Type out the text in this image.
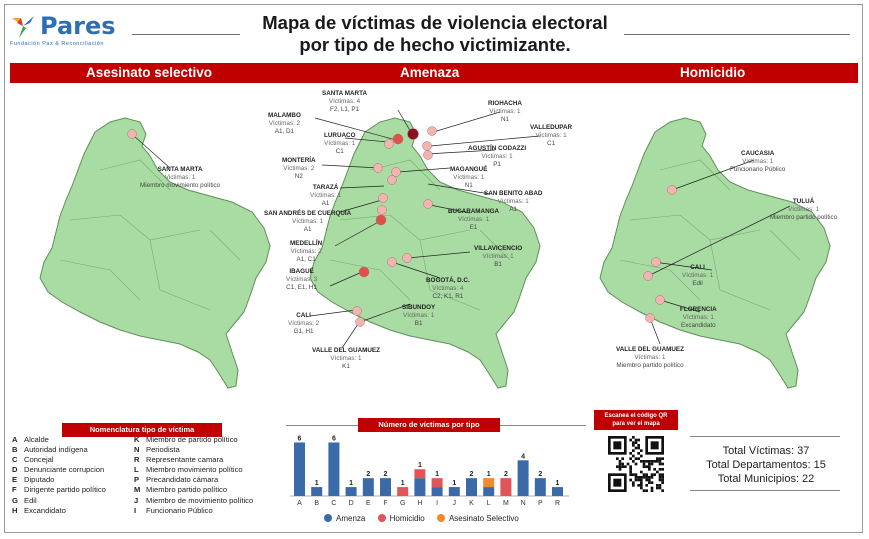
Pares
Fundación Paz & Reconciliación
Mapa de víctimas de violencia electoral
por tipo de hecho victimizante.
Asesinato selectivo	Amenaza	Homicidio
SANTA MARTA
Victimas: 1
Miembro movimiento político
SANTA MARTA
Víctimas: 4
F2, L1, P1
RIOHACHA
Víctimas: 1
N1
MALAMBO
Víctimas: 2
A1, D1
VALLEDUPAR
Víctimas: 1
C1
LURUACO
Víctimas: 1
C1	AGUSTÍN CODAZZI
Víctimas: 1
P1
MONTERÍA
Víctimas: 2
N2
MAGANGUÉ
Víctimas: 1
N1
TARAZÁ
Víctimas: 1
A1
SAN BENITO ABAD
Víctimas: 1
A1
SAN ANDRÉS DE CUERQUÍA
Víctimas: 1
A1
BUCARAMANGA
Víctimas: 1
E1
MEDELLÍN
Víctimas: 2
A1, C1
VILLAVICENCIO
Víctimas: 1
B1
IBAGUÉ
Víctimas: 3
C1, E1, H1
BOGOTÁ, D.C.
Víctimas: 4
C2, K1, R1
CALI
Víctimas: 2
G1, H1
SIBUNDOY
Víctimas: 1
B1
VALLE DEL GUAMUEZ
Víctimas: 1
K1
CAUCASIA
Víctimas: 1
Funcionario Público
TULUÁ
Víctimas: 1
Miembro partido político
CALI
Víctimas: 1
Edil
FLORENCIA
Víctimas: 1
Excandidato
VALLE DEL GUAMUEZ
Víctimas: 1
Miembro partido político
Nomenclatura tipo de víctima
A Alcalde
B Autoridad indígena
C Concejal
D Denunciante corrupcion
E Diputado
F Dirigente partido político
G Edil
H Excandidato
K Miembro de partido político
N Periodista
R Representante camara
L Miembro movimiento político
P Precandidato cámara
M Miembro partido político
J Miembro de movimiento político
I Funcionario Público
Número de víctimas por tipo
6
A
1
B
6
C
1
D
2
E
2
F
1
G
1
H
1
I
1
J
2
K
1
L
2
M
4
N
2
P
1
R
Amenza	Homicidio	Asesinato Selectivo
Escanea el código QR
para ver el mapa
Total Víctimas: 37
Total Departamentos: 15
Total Municipios: 22
